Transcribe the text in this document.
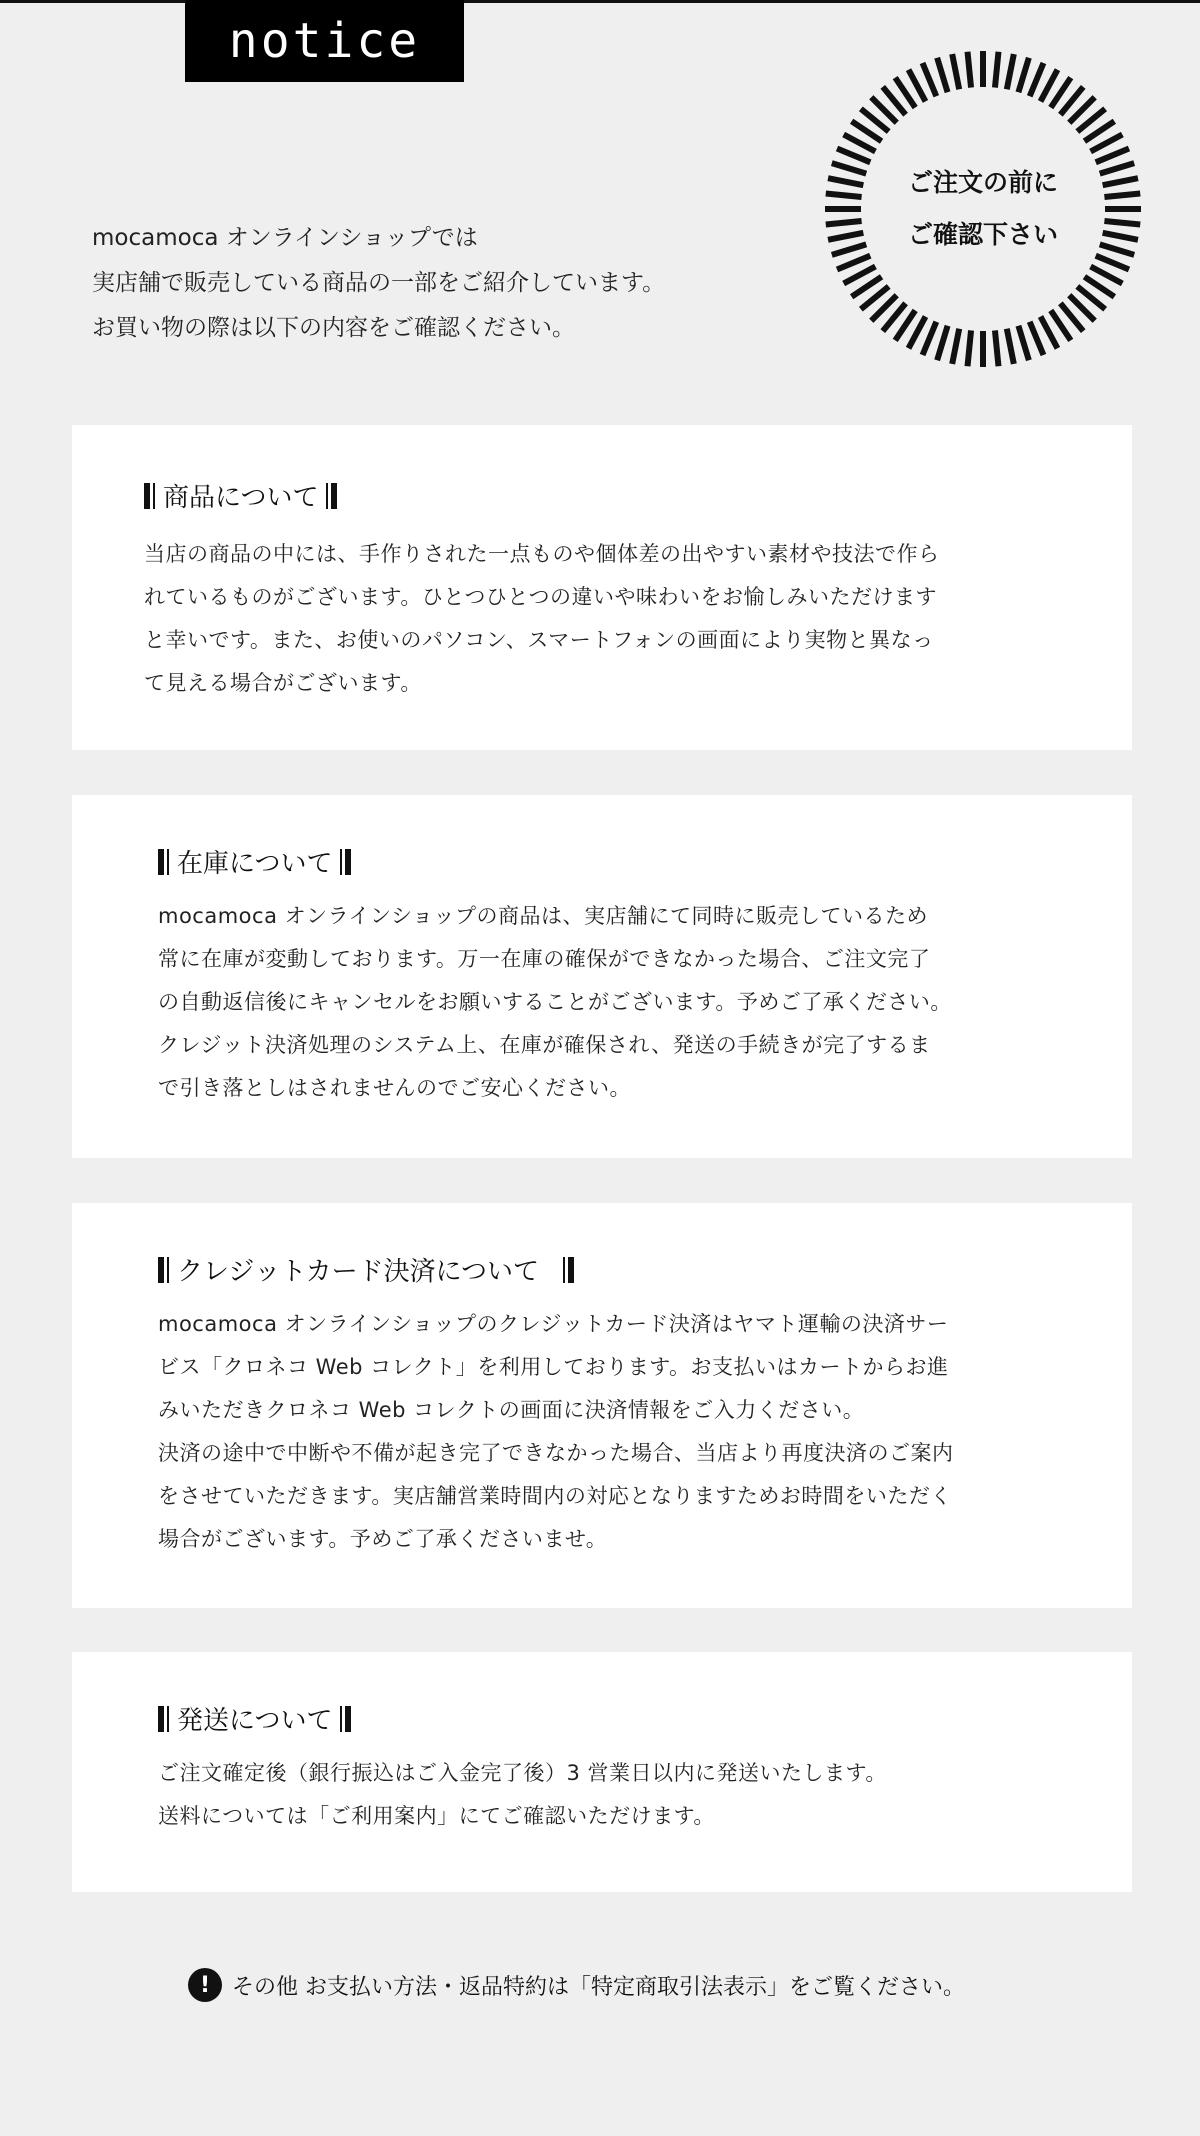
notice
ご注文の前に
ご確認下さい
mocamoca オンラインショップでは
実店舗で販売している商品の一部をご紹介しています。
お買い物の際は以下の内容をご確認ください。
商品について
当店の商品の中には、手作りされた一点ものや個体差の出やすい素材や技法で作ら
れているものがございます。ひとつひとつの違いや味わいをお愉しみいただけます
と幸いです。また、お使いのパソコン、スマートフォンの画面により実物と異なっ
て見える場合がございます。
在庫について
mocamoca オンラインショップの商品は、実店舗にて同時に販売しているため
常に在庫が変動しております。万一在庫の確保ができなかった場合、ご注文完了
の自動返信後にキャンセルをお願いすることがございます。予めご了承ください。
クレジット決済処理のシステム上、在庫が確保され、発送の手続きが完了するま
で引き落としはされませんのでご安心ください。
クレジットカード決済について
mocamoca オンラインショップのクレジットカード決済はヤマト運輸の決済サー
ビス「クロネコ Web コレクト」を利用しております。お支払いはカートからお進
みいただきクロネコ Web コレクトの画面に決済情報をご入力ください。
決済の途中で中断や不備が起き完了できなかった場合、当店より再度決済のご案内
をさせていただきます。実店舗営業時間内の対応となりますためお時間をいただく
場合がございます。予めご了承くださいませ。
発送について
ご注文確定後（銀行振込はご入金完了後）3 営業日以内に発送いたします。
送料については「ご利用案内」にてご確認いただけます。
! その他 お支払い方法・返品特約は「特定商取引法表示」をご覧ください。
